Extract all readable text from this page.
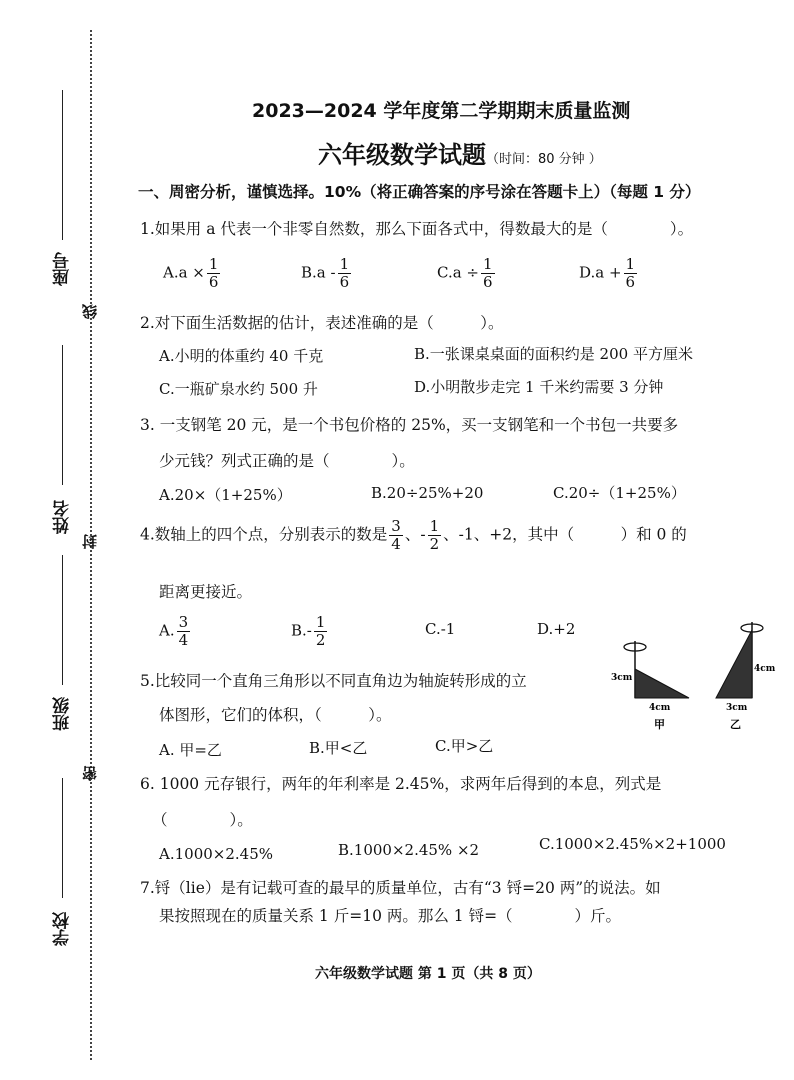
座号
姓名
班级
学校
线
封
密
2023—2024 学年度第二学期期末质量监测
六年级数学试题（时间：80 分钟 ）
一、周密分析，谨慎选择。10%（将正确答案的序号涂在答题卡上）（每题 1 分）
1.如果用 a 代表一个非零自然数，那么下面各式中，得数最大的是（　　　　）。
$A.a \times \frac{1}{6}$	$B.a - \frac{1}{6}$	$C.a \div \frac{1}{6}$	$D.a + \frac{1}{6}$
2.对下面生活数据的估计，表述准确的是（　　　）。
A.小明的体重约 40 千克	B.一张课桌桌面的面积约是 200 平方厘米
C.一瓶矿泉水约 500 升	D.小明散步走完 1 千米约需要 3 分钟
3. 一支钢笔 20 元，是一个书包价格的 25%，买一支钢笔和一个书包一共要多
少元钱？列式正确的是（　　　　）。
A.20×（1+25%）	B.20÷25%+20	C.20÷（1+25%）
4.数轴上的四个点，分别表示的数是 $\frac{3}{4}$ 、- $\frac{1}{2}$ 、-1、+2，其中（　　　）和 0 的
距离更接近。
A. $\frac{3}{4}$	$B.- \frac{1}{2}$	C.-1	D.+2
5.比较同一个直角三角形以不同直角边为轴旋转形成的立
体图形，它们的体积，（　　　）。
A. 甲=乙	B.甲<乙	C.甲>乙
3cm
4cm
甲
4cm
3cm
乙
6. 1000 元存银行，两年的年利率是 2.45%，求两年后得到的本息，列式是
（　　　　）。
A.1000×2.45%	B.1000×2.45% ×2	C.1000×2.45%×2+1000
7.锊（lie）是有记载可查的最早的质量单位，古有“3 锊=20 两”的说法。如
果按照现在的质量关系 1 斤=10 两。那么 1 锊=（　　　　）斤。
六年级数学试题 第 1 页（共 8 页）
